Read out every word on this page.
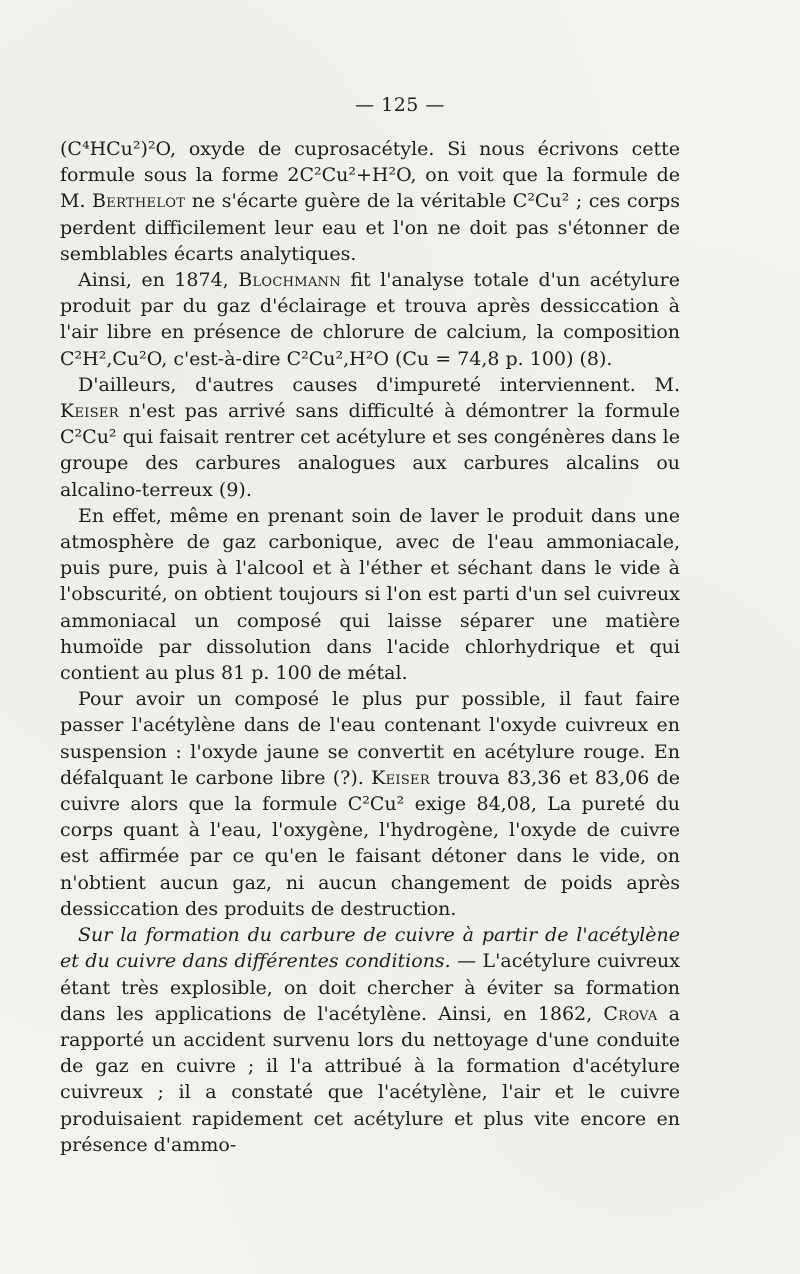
— 125 —

(C⁴HCu²)²O, oxyde de cuprosacétyle. Si nous écrivons cette formule sous la forme 2C²Cu²+H²O, on voit que la formule de M. Berthelot ne s'écarte guère de la véritable C²Cu² ; ces corps perdent difficilement leur eau et l'on ne doit pas s'étonner de semblables écarts analytiques.

Ainsi, en 1874, Blochmann fit l'analyse totale d'un acétylure produit par du gaz d'éclairage et trouva après dessiccation à l'air libre en présence de chlorure de calcium, la composition C²H²,Cu²O, c'est-à-dire C²Cu²,H²O (Cu = 74,8 p. 100) (8).

D'ailleurs, d'autres causes d'impureté interviennent. M. Keiser n'est pas arrivé sans difficulté à démontrer la formule C²Cu² qui faisait rentrer cet acétylure et ses congénères dans le groupe des carbures analogues aux carbures alcalins ou alcalino-terreux (9).

En effet, même en prenant soin de laver le produit dans une atmosphère de gaz carbonique, avec de l'eau ammoniacale, puis pure, puis à l'alcool et à l'éther et séchant dans le vide à l'obscurité, on obtient toujours si l'on est parti d'un sel cuivreux ammoniacal un composé qui laisse séparer une matière humoïde par dissolution dans l'acide chlorhydrique et qui contient au plus 81 p. 100 de métal.

Pour avoir un composé le plus pur possible, il faut faire passer l'acétylène dans de l'eau contenant l'oxyde cuivreux en suspension : l'oxyde jaune se convertit en acétylure rouge. En défalquant le carbone libre (?). Keiser trouva 83,36 et 83,06 de cuivre alors que la formule C²Cu² exige 84,08, La pureté du corps quant à l'eau, l'oxygène, l'hydrogène, l'oxyde de cuivre est affirmée par ce qu'en le faisant détoner dans le vide, on n'obtient aucun gaz, ni aucun changement de poids après dessiccation des produits de destruction.

Sur la formation du carbure de cuivre à partir de l'acétylène et du cuivre dans différentes conditions. — L'acétylure cuivreux étant très explosible, on doit chercher à éviter sa formation dans les applications de l'acétylène. Ainsi, en 1862, Crova a rapporté un accident survenu lors du nettoyage d'une conduite de gaz en cuivre ; il l'a attribué à la formation d'acétylure cuivreux ; il a constaté que l'acétylène, l'air et le cuivre produisaient rapidement cet acétylure et plus vite encore en présence d'ammo-
